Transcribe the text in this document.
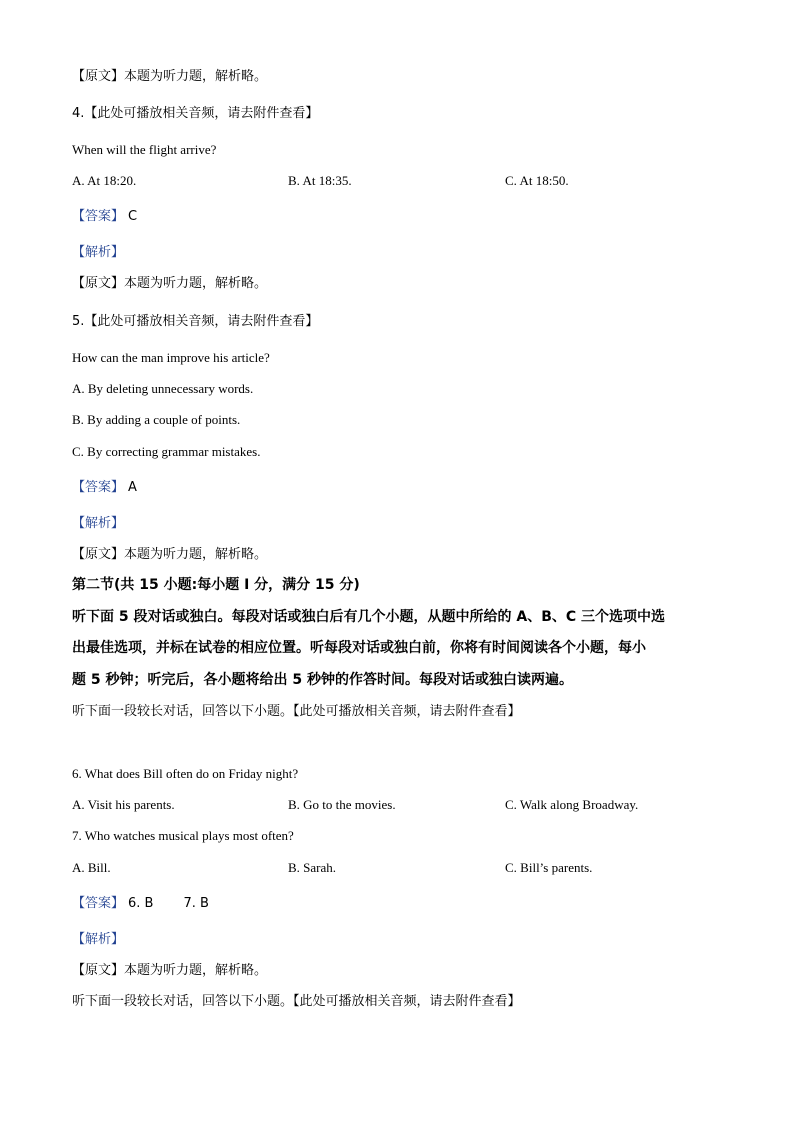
【原文】本题为听力题，解析略。
4.【此处可播放相关音频，请去附件查看】
When will the flight arrive?
A. At 18:20.	B. At 18:35.	C. At 18:50.
【答案】 C
【解析】
【原文】本题为听力题，解析略。
5.【此处可播放相关音频，请去附件查看】
How can the man improve his article?
A. By deleting unnecessary words.
B. By adding a couple of points.
C. By correcting grammar mistakes.
【答案】 A
【解析】
【原文】本题为听力题，解析略。
第二节(共 15 小题:每小题 I 分，满分 15 分)
听下面 5 段对话或独白。每段对话或独白后有几个小题，从题中所给的 A、B、C 三个选项中选
出最佳选项，并标在试卷的相应位置。听每段对话或独白前，你将有时间阅读各个小题，每小
题 5 秒钟；听完后，各小题将给出 5 秒钟的作答时间。每段对话或独白读两遍。
听下面一段较长对话，回答以下小题。【此处可播放相关音频，请去附件查看】
6. What does Bill often do on Friday night?
A. Visit his parents.	B. Go to the movies.	C. Walk along Broadway.
7. Who watches musical plays most often?
A. Bill.	B. Sarah.	C. Bill’s parents.
【答案】 6. B 7. B
【解析】
【原文】本题为听力题，解析略。
听下面一段较长对话，回答以下小题。【此处可播放相关音频，请去附件查看】
